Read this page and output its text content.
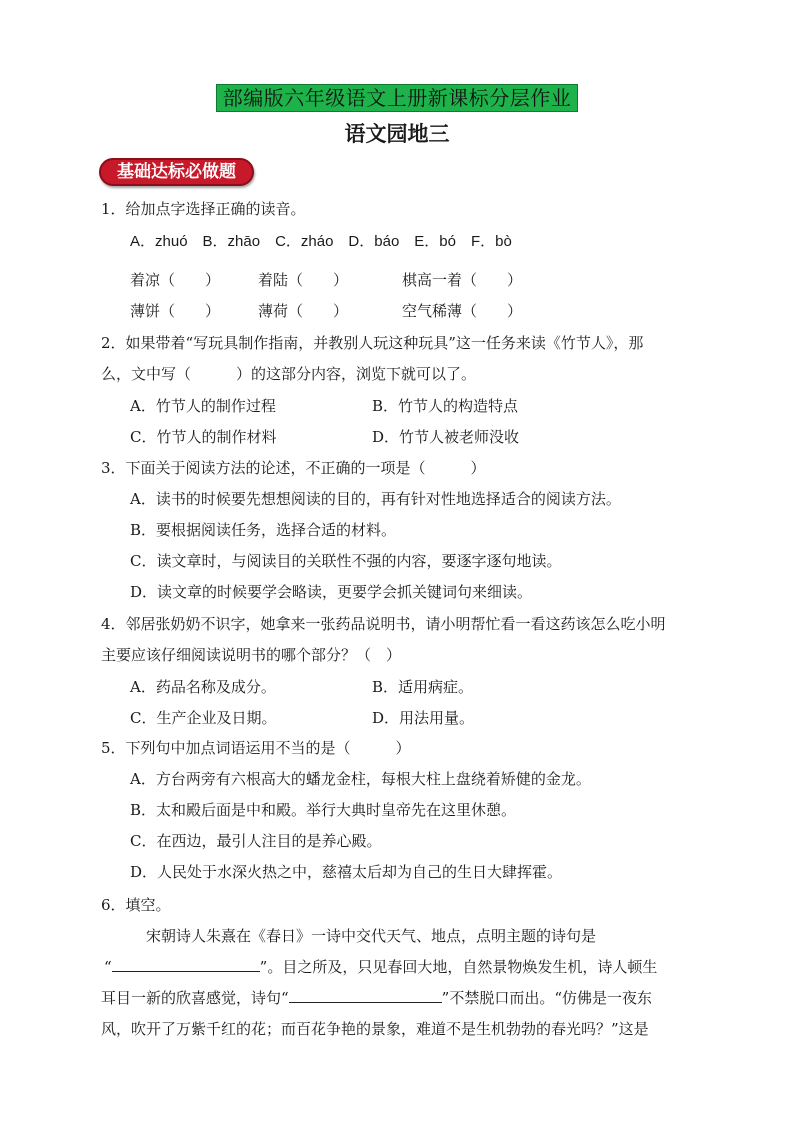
部编版六年级语文上册新课标分层作业
语文园地三
基础达标必做题
1．给加点字选择正确的读音。
A．zhuó　B．zhāo　C．zháo　D．báo　E．bó　F．bò
着凉（　　）	着陆（　　）	棋高一着（　　）
薄饼（　　）	薄荷（　　）	空气稀薄（　　）
2．如果带着“写玩具制作指南，并教别人玩这种玩具”这一任务来读《竹节人》，那
么，文中写（　　　）的这部分内容，浏览下就可以了。
A．竹节人的制作过程	B．竹节人的构造特点
C．竹节人的制作材料	D．竹节人被老师没收
3．下面关于阅读方法的论述，不正确的一项是（　　　）
A．读书的时候要先想想阅读的目的，再有针对性地选择适合的阅读方法。
B．要根据阅读任务，选择合适的材料。
C．读文章时，与阅读目的关联性不强的内容，要逐字逐句地读。
D．读文章的时候要学会略读，更要学会抓关键词句来细读。
4．邻居张奶奶不识字，她拿来一张药品说明书，请小明帮忙看一看这药该怎么吃小明
主要应该仔细阅读说明书的哪个部分？（　）
A．药品名称及成分。	B．适用病症。
C．生产企业及日期。	D．用法用量。
5．下列句中加点词语运用不当的是（　　　）
A．方台两旁有六根高大的蟠龙金柱，每根大柱上盘绕着矫健的金龙。
B．太和殿后面是中和殿。举行大典时皇帝先在这里休憩。
C．在西边，最引人注目的是养心殿。
D．人民处于水深火热之中，慈禧太后却为自己的生日大肆挥霍。
6．填空。
宋朝诗人朱熹在《春日》一诗中交代天气、地点，点明主题的诗句是
“	”。目之所及，只见春回大地，自然景物焕发生机，诗人顿生
耳目一新的欣喜感觉，诗句“	”不禁脱口而出。“仿佛是一夜东
风，吹开了万紫千红的花；而百花争艳的景象，难道不是生机勃勃的春光吗？”这是
